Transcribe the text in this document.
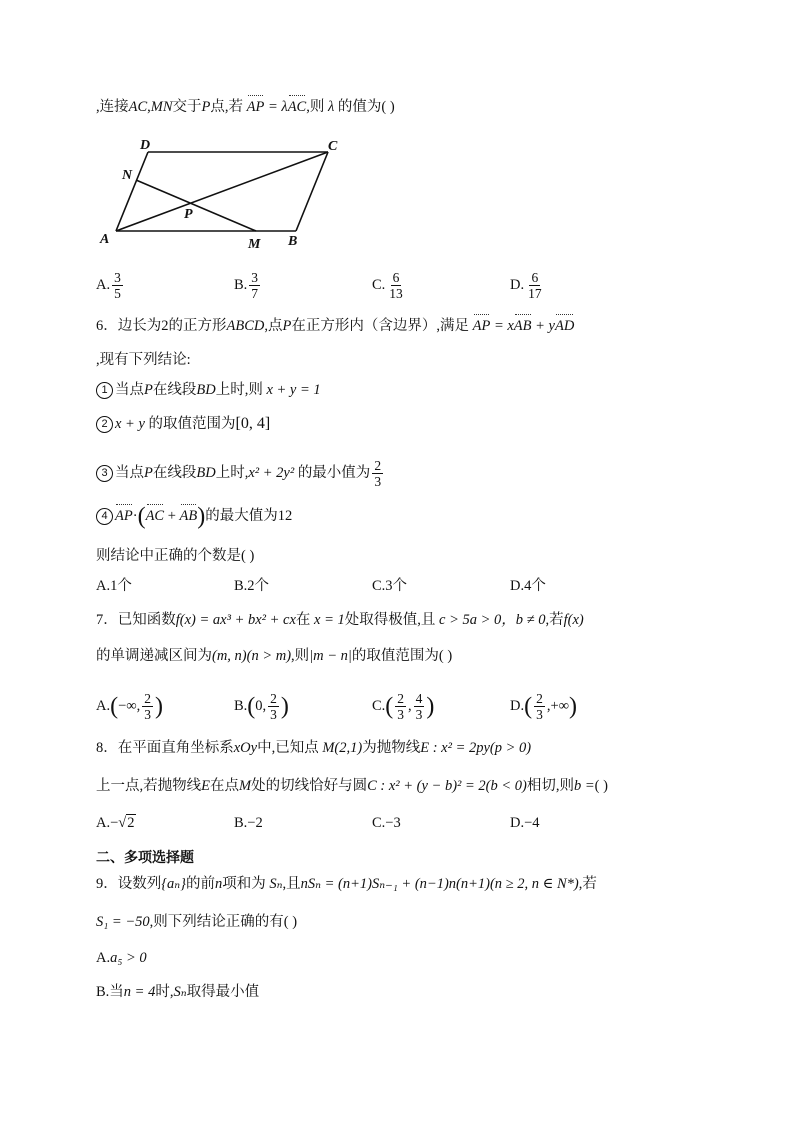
,连接AC,MN交于P点,若 AP = λAC,则 λ 的值为( )
D	C
N
P
A	M B
A. $\frac{3}{5}$	B. $\frac{3}{7}$	C. $\frac{6}{13}$	D. $\frac{6}{17}$
6．边长为2的正方形ABCD,点P在正方形内（含边界）,满足 AP = xAB + yAD
,现有下列结论:
1 当点P在线段BD上时,则 x + y = 1
2 x + y 的取值范围为[0, 4]
3 当点P在线段BD上时,x² + 2y² 的最小值为 $\frac{2}{3}$
4 AP·(AC + AB)的最大值为12
则结论中正确的个数是( )
A.1个	B.2个	C.3个	D.4个
7．已知函数f(x) = ax³ + bx² + cx在 x = 1处取得极值,且 c > 5a > 0，b ≠ 0,若f(x)
的单调递减区间为(m, n)(n > m),则|m − n|的取值范围为( )
A.(−∞, $\frac{2}{3}$ )	B.(0, $\frac{2}{3}$ )	$C.( \frac{2}{3}$ , $\frac{4}{3}$ )	$D.( \frac{2}{3}$ ,+∞)
8．在平面直角坐标系xOy中,已知点 M(2,1)为抛物线E : x² = 2py(p > 0)
上一点,若抛物线E在点M处的切线恰好与圆C : x² + (y − b)² = 2(b < 0)相切,则b =( )
A.−√2	B.−2	C.−3	D.−4
二、多项选择题
9．设数列{aₙ}的前n项和为 Sₙ,且nSₙ = (n+1)Sₙ₋₁ + (n−1)n(n+1)(n ≥ 2, n ∈ N*),若
S₁ = −50,则下列结论正确的有( )
A.a₅ > 0
B.当n = 4时,Sₙ取得最小值
